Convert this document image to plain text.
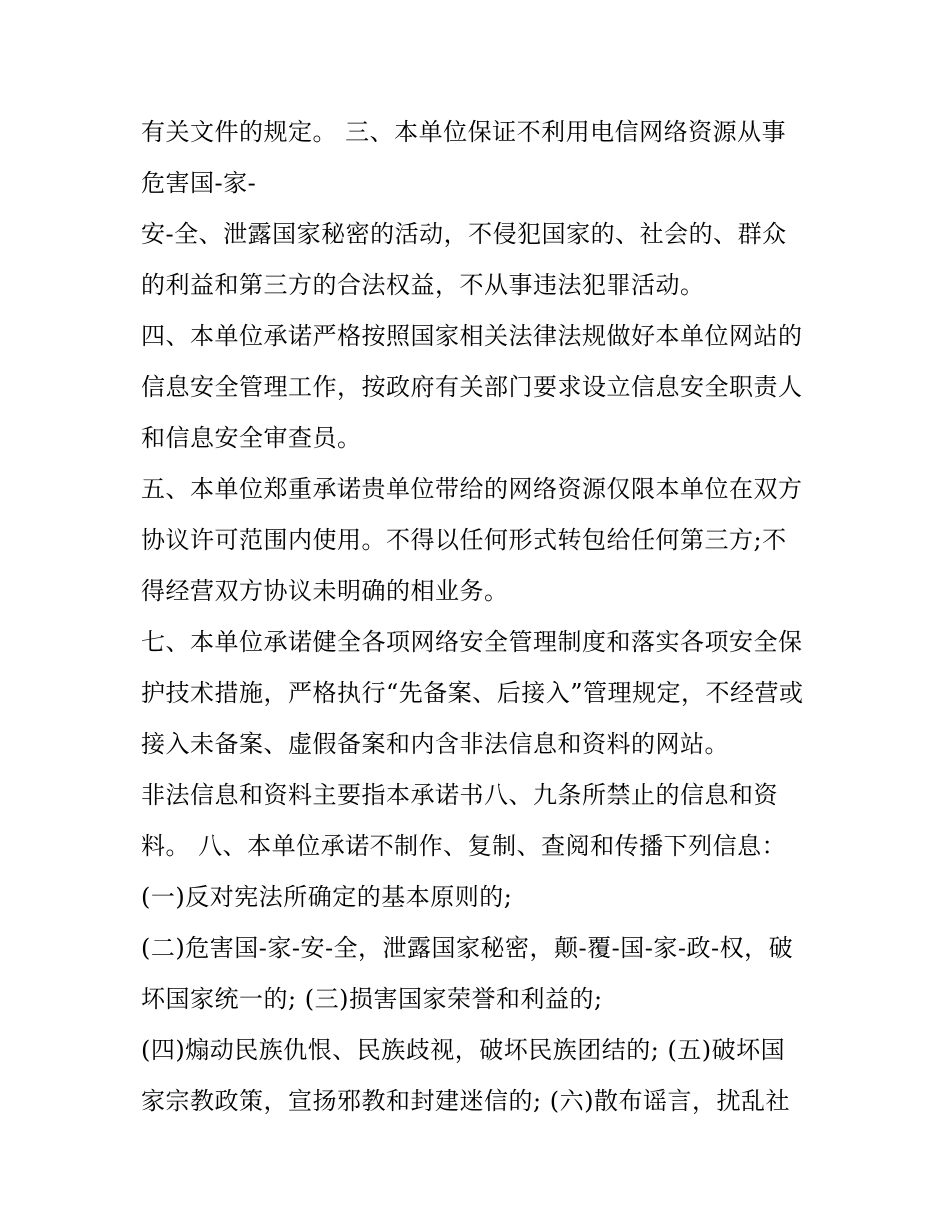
有关文件的规定。 三、本单位保证不利用电信网络资源从事
危害国-家-
安-全、泄露国家秘密的活动，不侵犯国家的、社会的、群众
的利益和第三方的合法权益，不从事违法犯罪活动。
四、本单位承诺严格按照国家相关法律法规做好本单位网站的
信息安全管理工作，按政府有关部门要求设立信息安全职责人
和信息安全审查员。
五、本单位郑重承诺贵单位带给的网络资源仅限本单位在双方
协议许可范围内使用。不得以任何形式转包给任何第三方;不
得经营双方协议未明确的相业务。
七、本单位承诺健全各项网络安全管理制度和落实各项安全保
护技术措施，严格执行“先备案、后接入”管理规定，不经营或
接入未备案、虚假备案和内含非法信息和资料的网站。
非法信息和资料主要指本承诺书八、九条所禁止的信息和资
料。 八、本单位承诺不制作、复制、查阅和传播下列信息：
(一)反对宪法所确定的基本原则的;
(二)危害国-家-安-全，泄露国家秘密，颠-覆-国-家-政-权，破
坏国家统一的; (三)损害国家荣誉和利益的;
(四)煽动民族仇恨、民族歧视，破坏民族团结的; (五)破坏国
家宗教政策，宣扬邪教和封建迷信的; (六)散布谣言，扰乱社
